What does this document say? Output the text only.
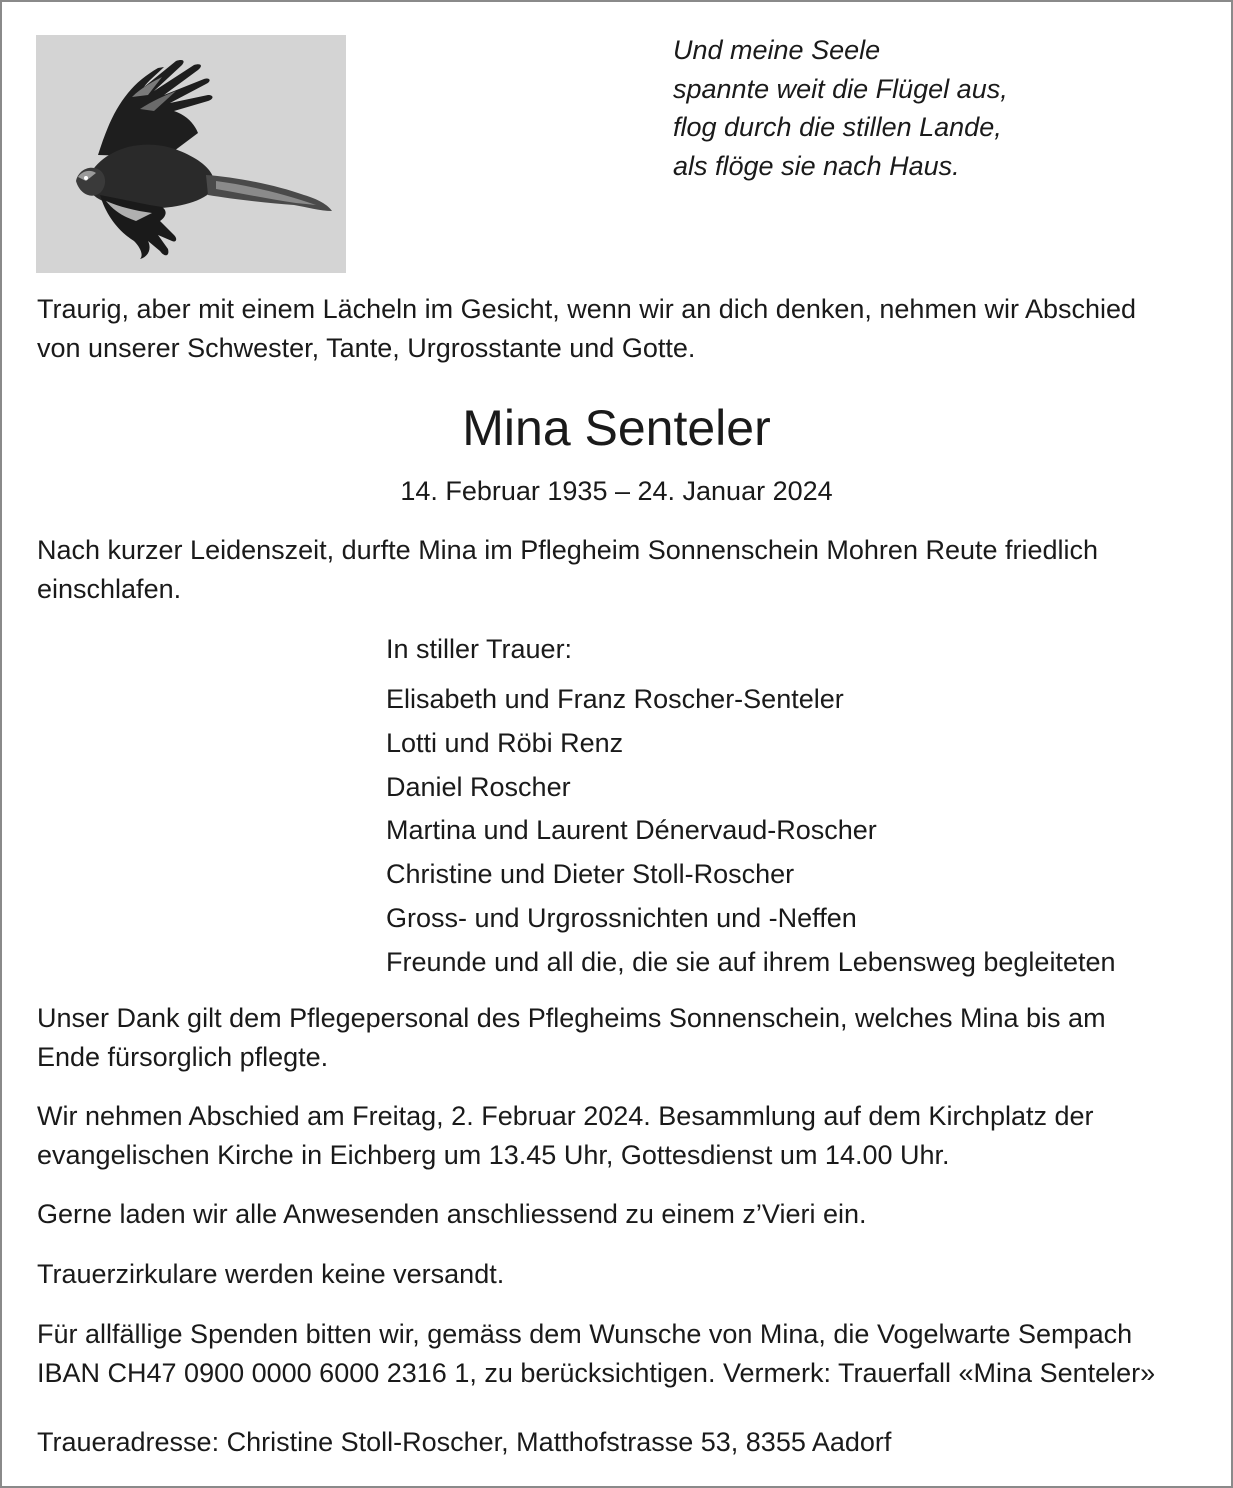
Und meine Seele
spannte weit die Flügel aus,
flog durch die stillen Lande,
als flöge sie nach Haus.
Traurig, aber mit einem Lächeln im Gesicht, wenn wir an dich denken, nehmen wir Abschied
von unserer Schwester, Tante, Urgrosstante und Gotte.
Mina Senteler
14. Februar 1935 – 24. Januar 2024
Nach kurzer Leidenszeit, durfte Mina im Pflegheim Sonnenschein Mohren Reute friedlich
einschlafen.
In stiller Trauer:
Elisabeth und Franz Roscher-Senteler
Lotti und Röbi Renz
Daniel Roscher
Martina und Laurent Dénervaud-Roscher
Christine und Dieter Stoll-Roscher
Gross- und Urgrossnichten und -Neffen
Freunde und all die, die sie auf ihrem Lebensweg begleiteten
Unser Dank gilt dem Pflegepersonal des Pflegheims Sonnenschein, welches Mina bis am
Ende fürsorglich pflegte.
Wir nehmen Abschied am Freitag, 2. Februar 2024. Besammlung auf dem Kirchplatz der
evangelischen Kirche in Eichberg um 13.45 Uhr, Gottesdienst um 14.00 Uhr.
Gerne laden wir alle Anwesenden anschliessend zu einem z’Vieri ein.
Trauerzirkulare werden keine versandt.
Für allfällige Spenden bitten wir, gemäss dem Wunsche von Mina, die Vogelwarte Sempach
IBAN CH47 0900 0000 6000 2316 1, zu berücksichtigen. Vermerk: Trauerfall «Mina Senteler»
Traueradresse: Christine Stoll-Roscher, Matthofstrasse 53, 8355 Aadorf
